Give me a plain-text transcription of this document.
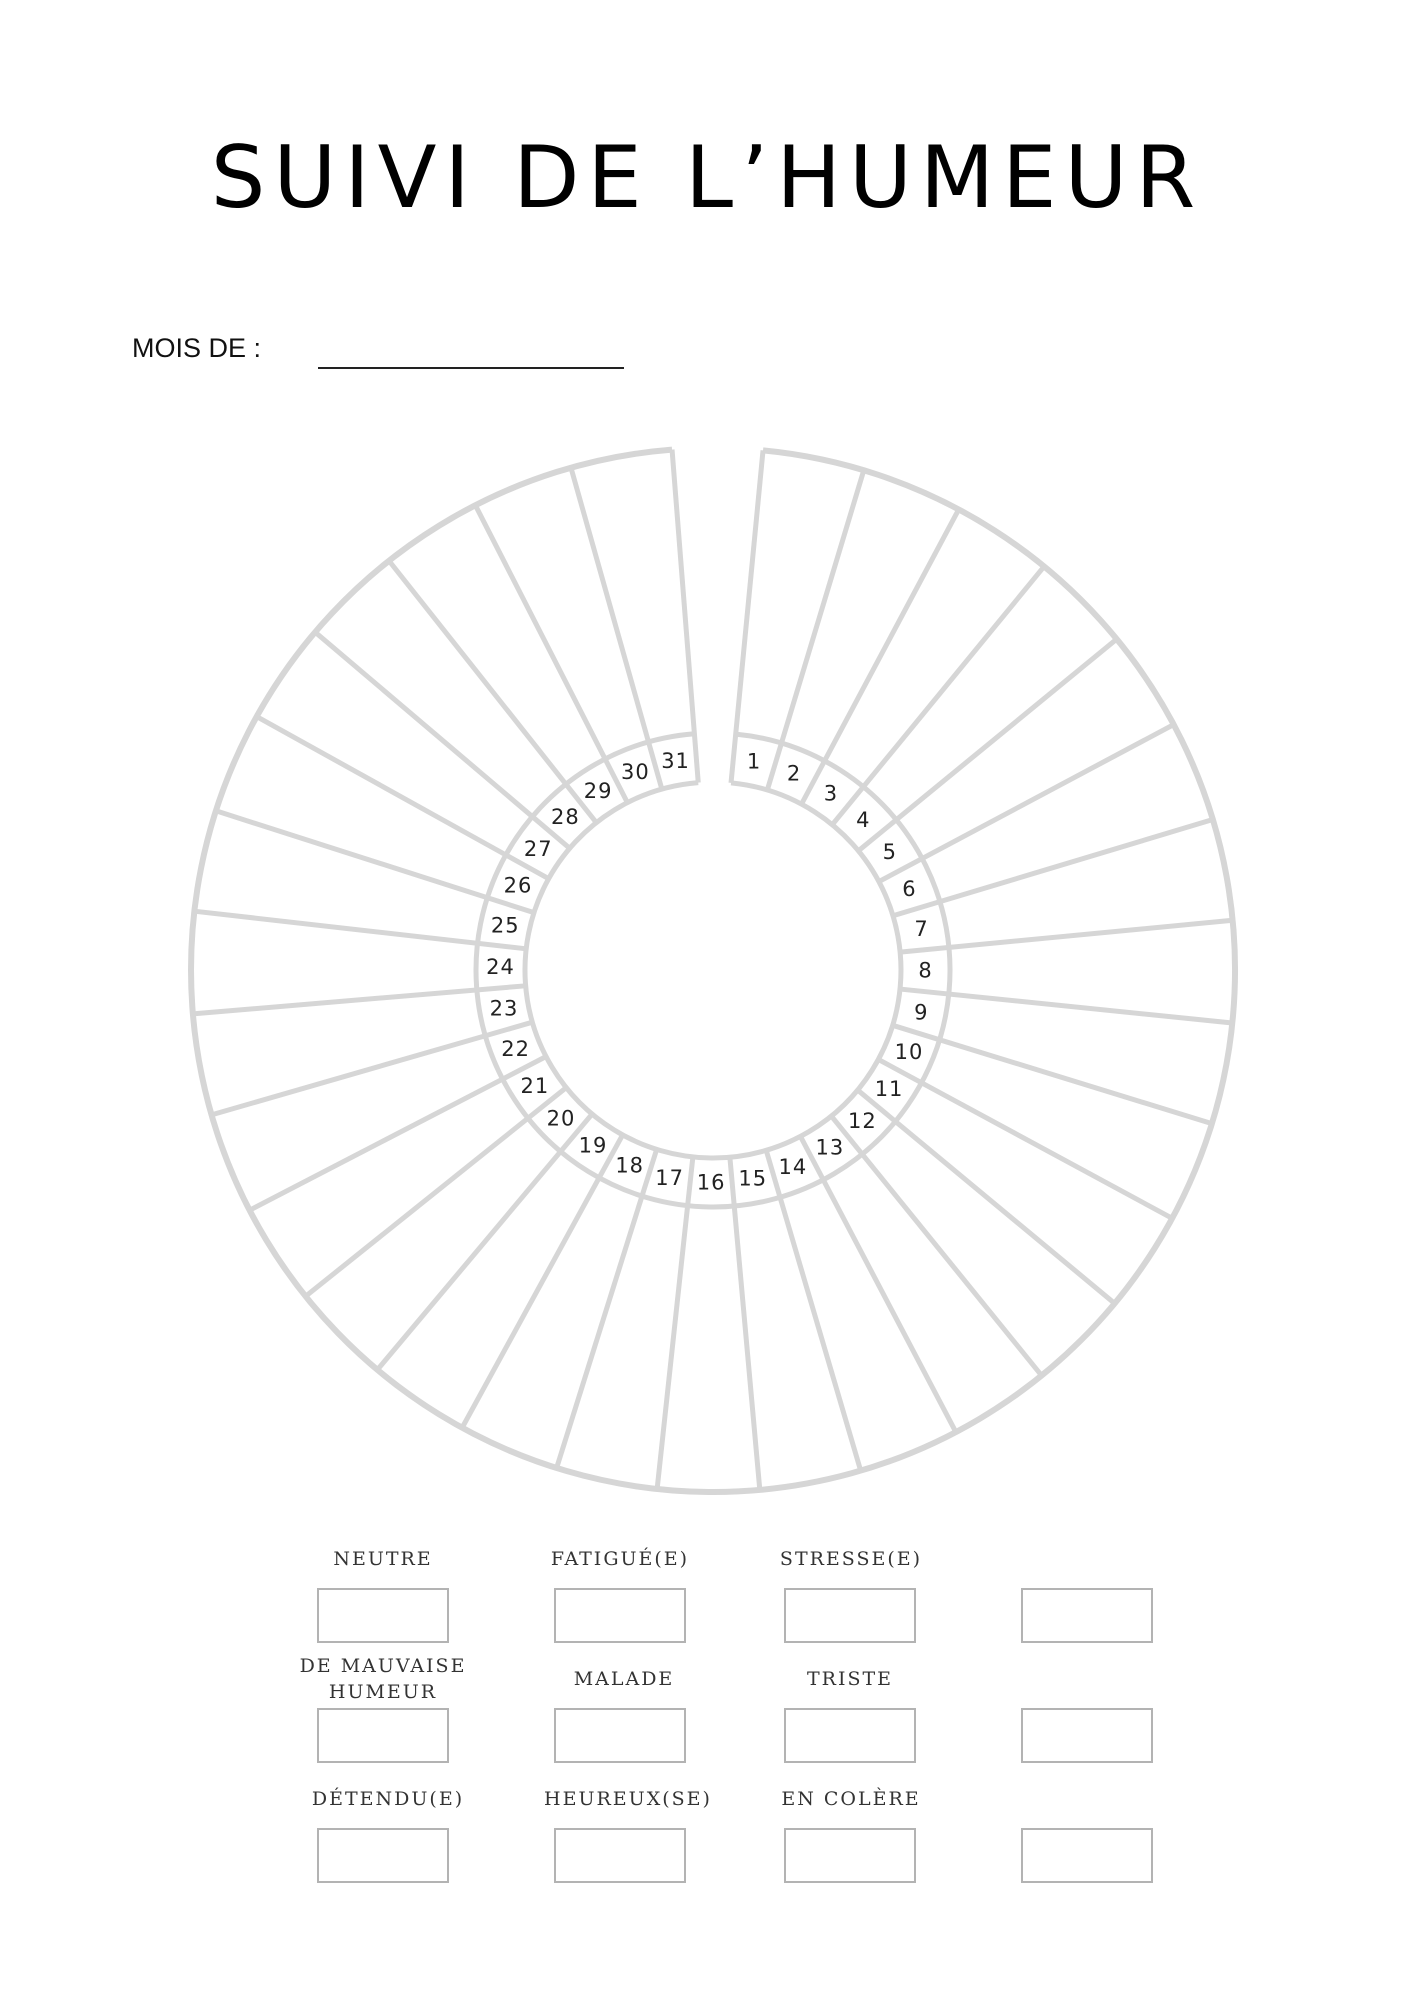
SUIVI DE L’HUMEUR
MOIS DE :
1
2
3
4
5
6
7
8
9
10
11
12
13
14
15
16
17
18
19
20
21
22
23
24
25
26
27
28
29
30 31
NEUTRE	FATIGUÉ(E)	STRESSE(E)
DE MAUVAISE HUMEUR
MALADE	TRISTE
DÉTENDU(E)	HEUREUX(SE)	EN COLÈRE
